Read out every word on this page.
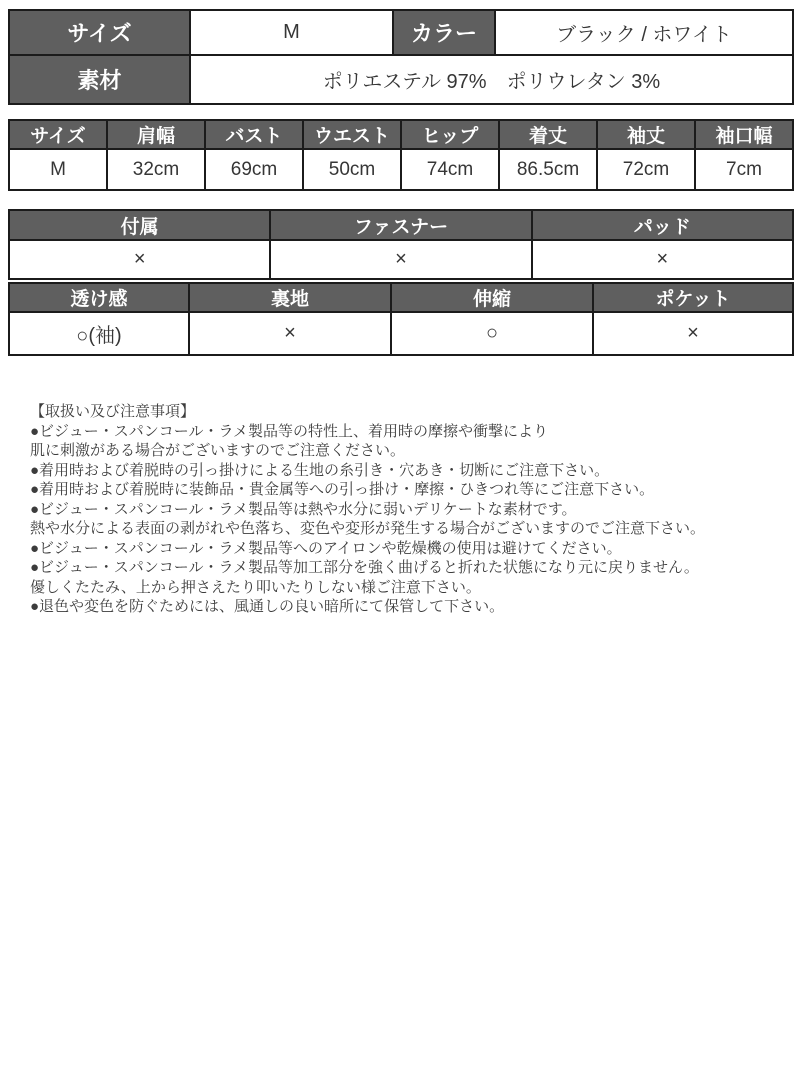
サイズ	M	カラー	ブラック / ホワイト
素材	ポリエステル 97%　ポリウレタン 3%		
サイズ	肩幅	バスト	ウエスト	ヒップ	着丈	袖丈	袖口幅
M	32cm	69cm	50cm	74cm	86.5cm	72cm	7cm
付属	ファスナー	パッド
×	×	×
透け感	裏地	伸縮	ポケット
○(袖)	×	○	×
【取扱い及び注意事項】
●ビジュー・スパンコール・ラメ製品等の特性上、着用時の摩擦や衝撃により
肌に刺激がある場合がございますのでご注意ください。
●着用時および着脱時の引っ掛けによる生地の糸引き・穴あき・切断にご注意下さい。
●着用時および着脱時に装飾品・貴金属等への引っ掛け・摩擦・ひきつれ等にご注意下さい。
●ビジュー・スパンコール・ラメ製品等は熱や水分に弱いデリケートな素材です。
熱や水分による表面の剥がれや色落ち、変色や変形が発生する場合がございますのでご注意下さい。
●ビジュー・スパンコール・ラメ製品等へのアイロンや乾燥機の使用は避けてください。
●ビジュー・スパンコール・ラメ製品等加工部分を強く曲げると折れた状態になり元に戻りません。
優しくたたみ、上から押さえたり叩いたりしない様ご注意下さい。
●退色や変色を防ぐためには、風通しの良い暗所にて保管して下さい。
